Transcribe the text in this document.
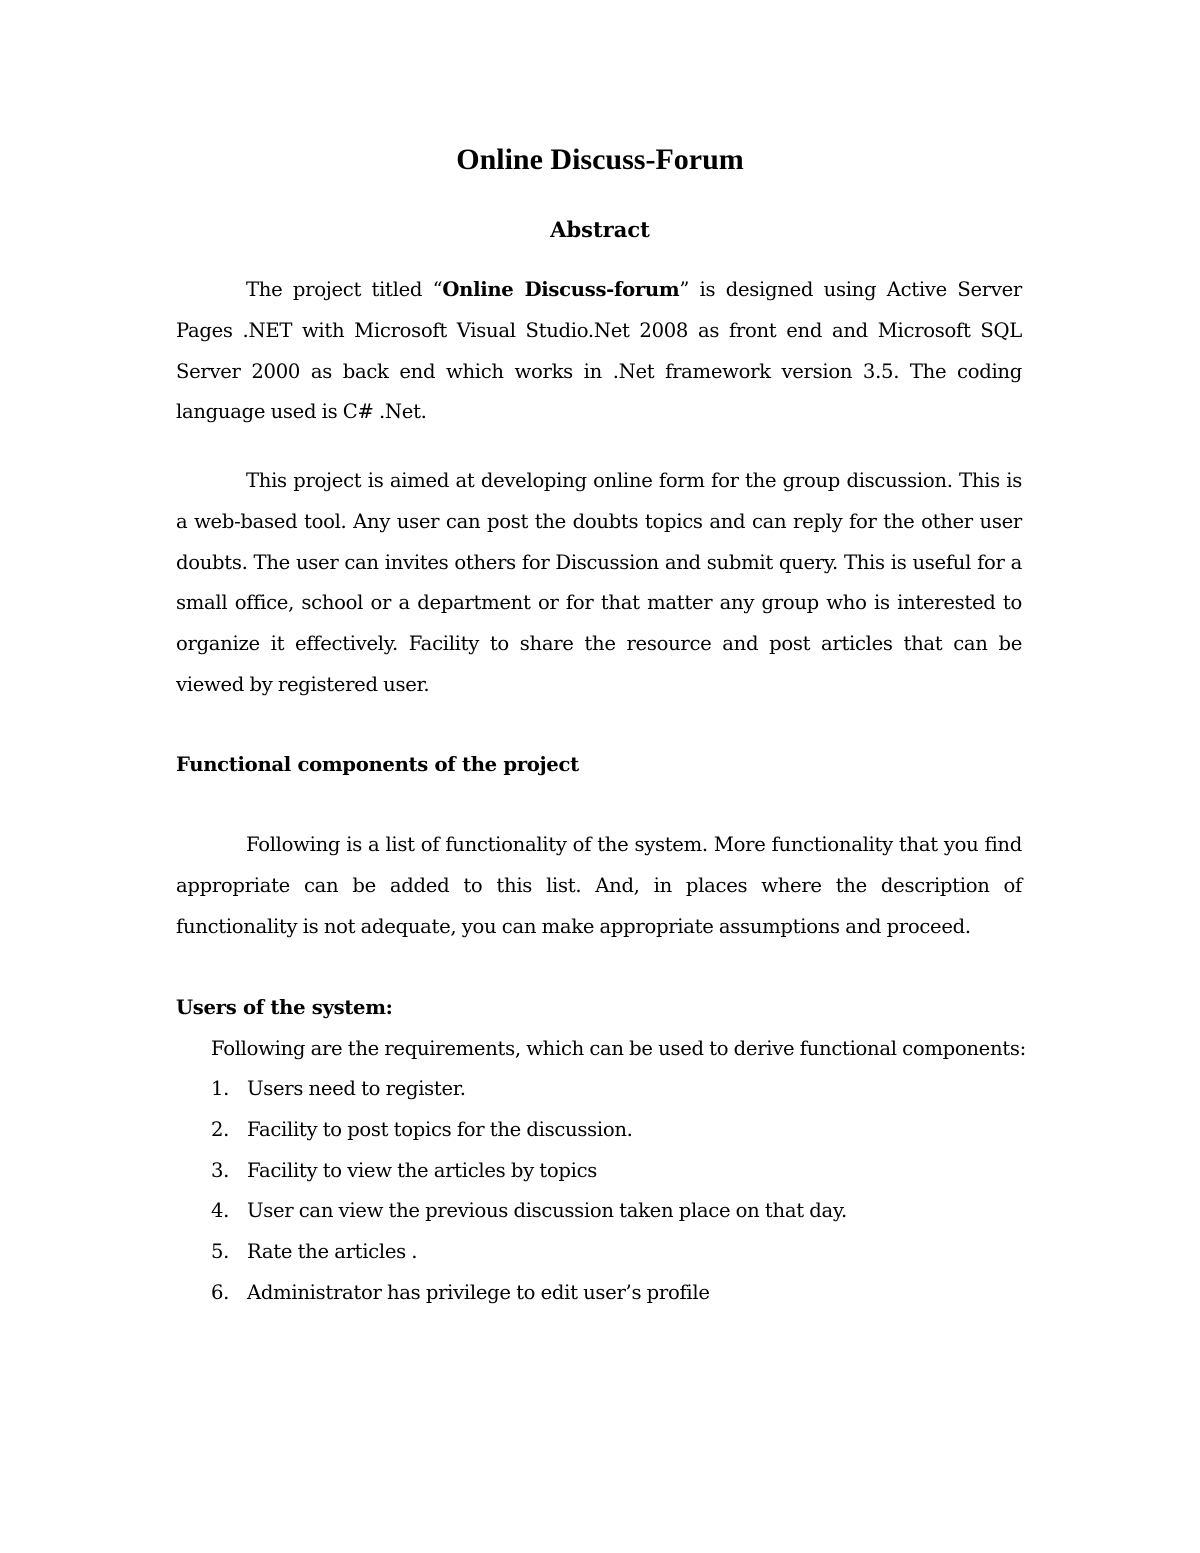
Online Discuss-Forum
Abstract

The project titled “Online Discuss-forum” is designed using Active Server Pages .NET with Microsoft Visual Studio.Net 2008 as front end and Microsoft SQL Server 2000 as back end which works in .Net framework version 3.5. The coding language used is C# .Net.

This project is aimed at developing online form for the group discussion. This is a web-based tool. Any user can post the doubts topics and can reply for the other user doubts. The user can invites others for Discussion and submit query. This is useful for a small office, school or a department or for that matter any group who is interested to organize it effectively. Facility to share the resource and post articles that can be viewed by registered user.

Functional components of the project

Following is a list of functionality of the system. More functionality that you find appropriate can be added to this list. And, in places where the description of functionality is not adequate, you can make appropriate assumptions and proceed.

Users of the system:

Following are the requirements, which can be used to derive functional components:

1. Users need to register.
2. Facility to post topics for the discussion.
3. Facility to view the articles by topics
4. User can view the previous discussion taken place on that day.
5. Rate the articles .
6. Administrator has privilege to edit user’s profile
